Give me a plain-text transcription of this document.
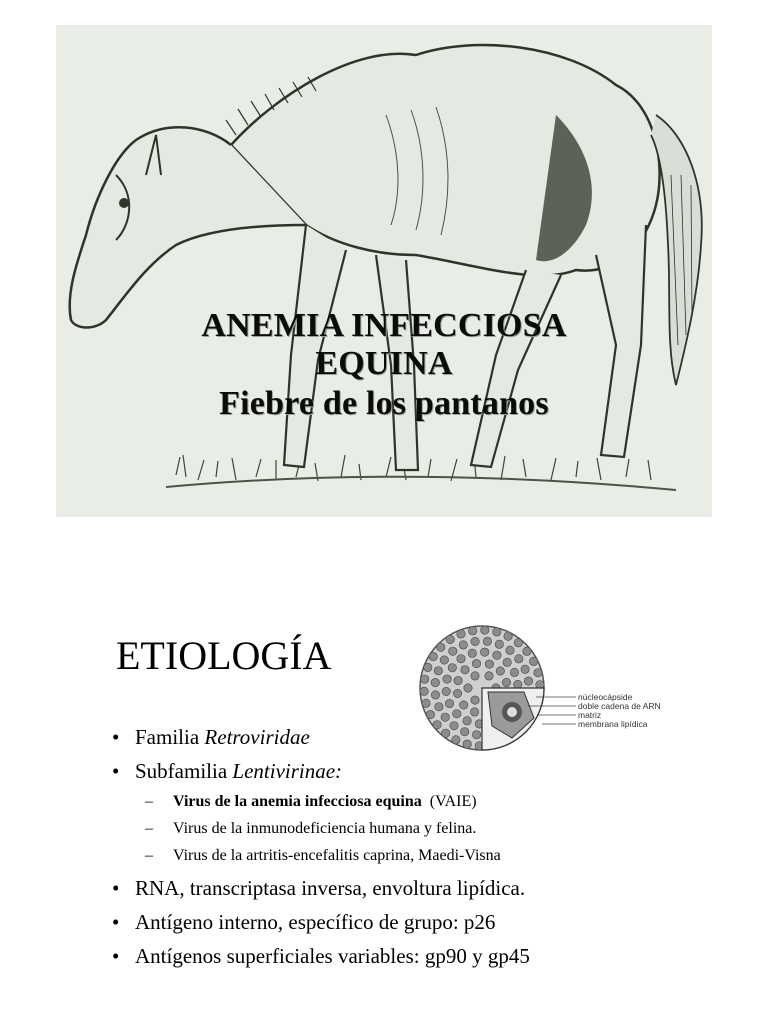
ANEMIA INFECCIOSA
EQUINA
Fiebre de los pantanos
ETIOLOGÍA
núcleocápside
doble cadena de ARN
matriz
membrana lipídica
• Familia Retroviridae
• Subfamilia Lentivirinae:
– Virus de la anemia infecciosa equina  (VAIE)
– Virus de la inmunodeficiencia humana y felina.
– Virus de la artritis-encefalitis caprina, Maedi-Visna
• RNA, transcriptasa inversa, envoltura lipídica.
• Antígeno interno, específico de grupo: p26
• Antígenos superficiales variables: gp90 y gp45
